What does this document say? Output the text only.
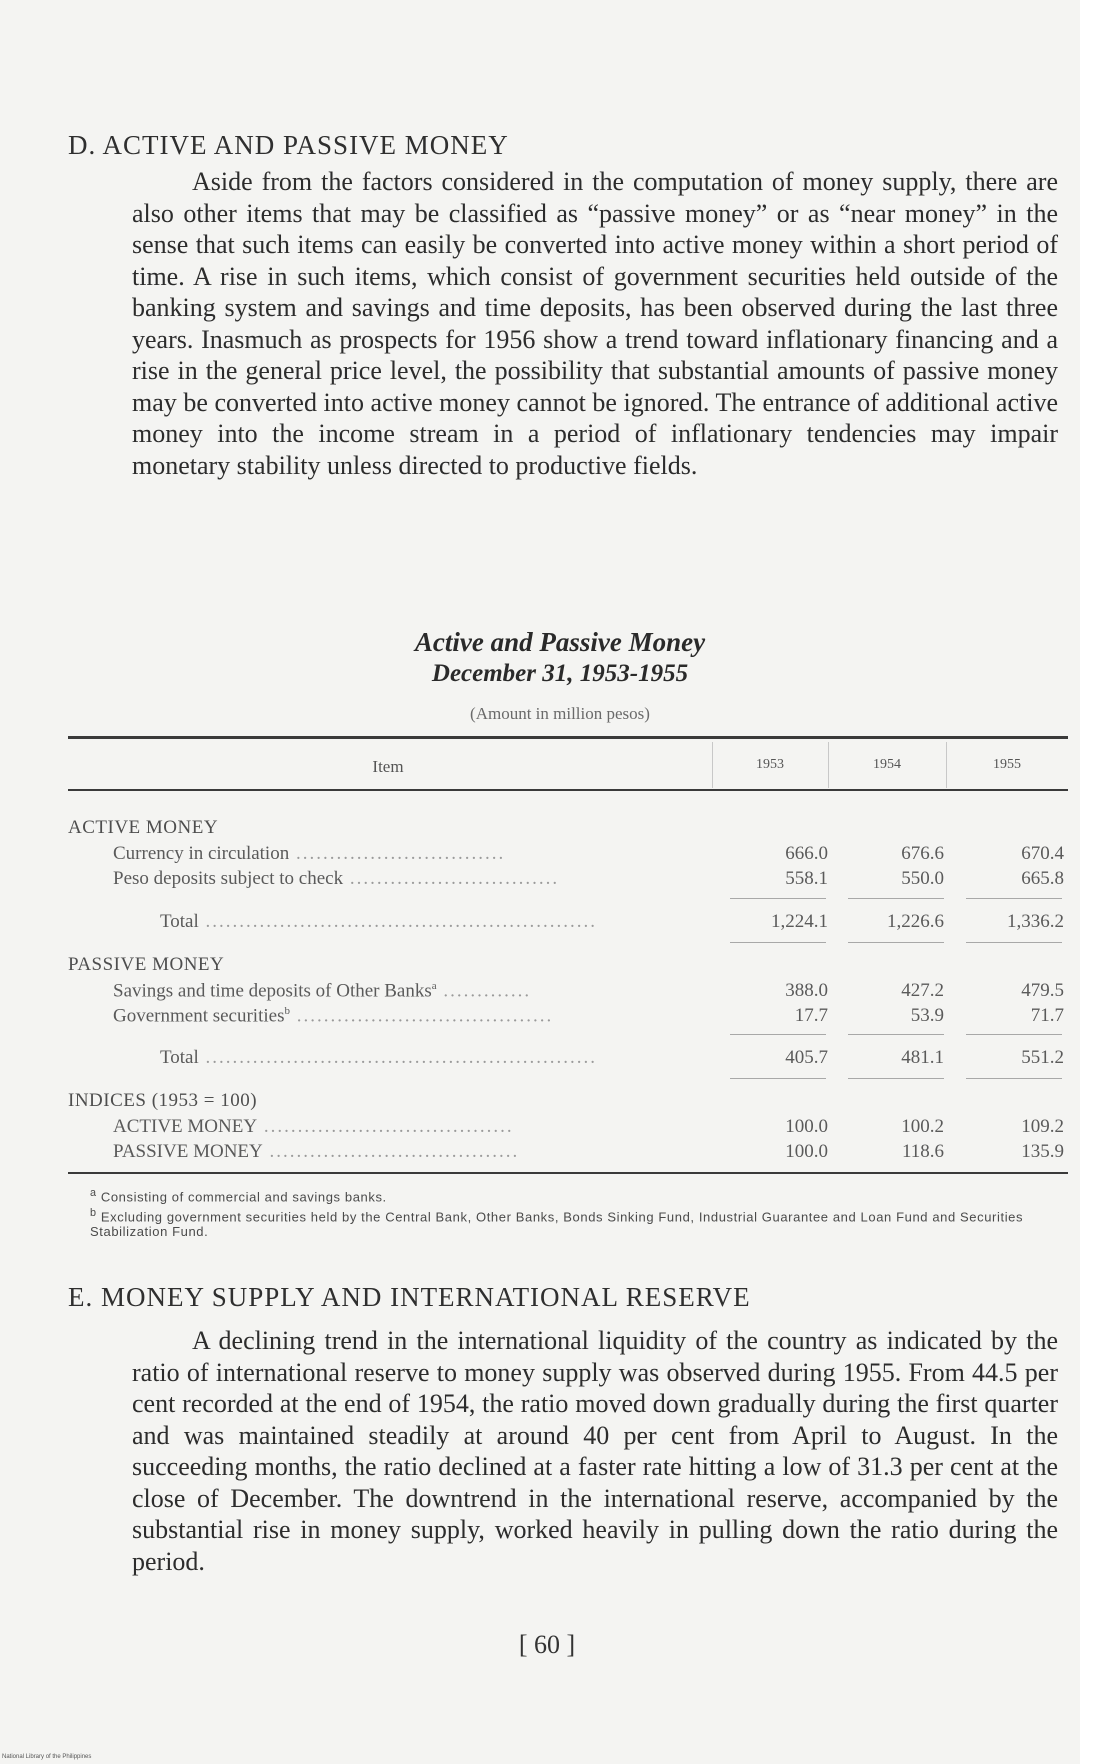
D. ACTIVE AND PASSIVE MONEY

Aside from the factors considered in the computation of money supply, there are also other items that may be classified as “passive money” or as “near money” in the sense that such items can easily be converted into active money within a short period of time. A rise in such items, which consist of government securities held outside of the banking system and savings and time deposits, has been observed during the last three years. Inasmuch as prospects for 1956 show a trend toward inflationary financing and a rise in the general price level, the possibility that substantial amounts of passive money may be converted into active money cannot be ignored. The entrance of additional active money into the income stream in a period of inflationary tendencies may impair monetary stability unless directed to productive fields.

Active and Passive Money
December 31, 1953-1955
(Amount in million pesos)
Item	1953	1954	1955
ACTIVE MONEY
Currency in circulation ...............................	666.0	676.6	670.4
Peso deposits subject to check ...............................	558.1	550.0	665.8
Total ..........................................................	1,224.1	1,226.6	1,336.2
PASSIVE MONEY
Savings and time deposits of Other Banks$^a$ .............	388.0	427.2	479.5
Government securities$^b$ ......................................	17.7	53.9	71.7
Total ..........................................................	405.7	481.1	551.2
INDICES (1953 = 100)
ACTIVE MONEY .....................................	100.0	100.2	109.2
PASSIVE MONEY .....................................	100.0	118.6	135.9
$^a$ Consisting of commercial and savings banks.
$^b$ Excluding government securities held by the Central Bank, Other Banks, Bonds Sinking Fund, Industrial Guarantee and Loan Fund and Securities Stabilization Fund.
E. MONEY SUPPLY AND INTERNATIONAL RESERVE

A declining trend in the international liquidity of the country as indicated by the ratio of international reserve to money supply was observed during 1955. From 44.5 per cent recorded at the end of 1954, the ratio moved down gradually during the first quarter and was maintained steadily at around 40 per cent from April to August. In the succeeding months, the ratio declined at a faster rate hitting a low of 31.3 per cent at the close of December. The downtrend in the international reserve, accompanied by the substantial rise in money supply, worked heavily in pulling down the ratio during the period.

[ 60 ]
National Library of the Philippines
